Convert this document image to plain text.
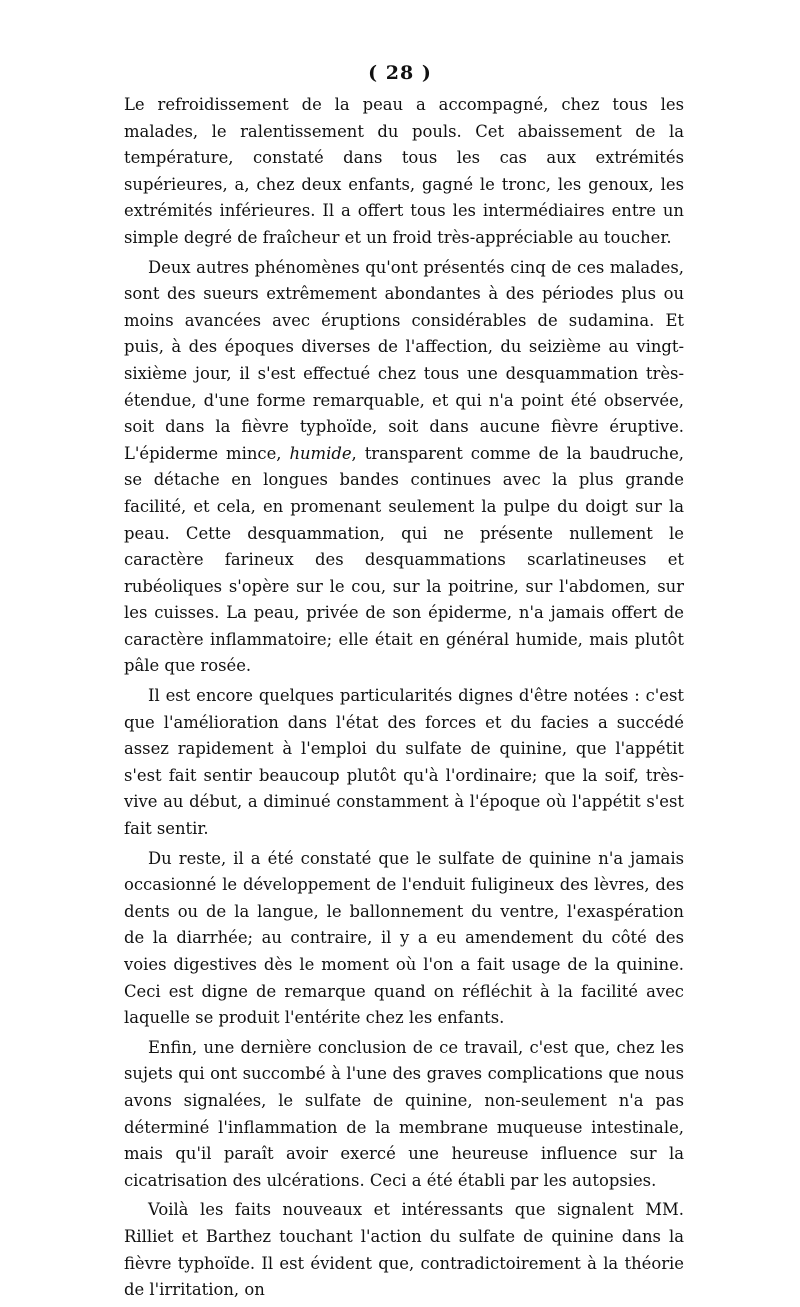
( 28 )

Le refroidissement de la peau a accompagné, chez tous les malades, le ralentissement du pouls. Cet abaissement de la température, constaté dans tous les cas aux extrémités supérieures, a, chez deux enfants, gagné le tronc, les genoux, les extrémités inférieures. Il a offert tous les intermédiaires entre un simple degré de fraîcheur et un froid très-appréciable au toucher.

Deux autres phénomènes qu'ont présentés cinq de ces malades, sont des sueurs extrêmement abondantes à des périodes plus ou moins avancées avec éruptions considérables de sudamina. Et puis, à des époques diverses de l'affection, du seizième au vingt-sixième jour, il s'est effectué chez tous une desquammation très-étendue, d'une forme remarquable, et qui n'a point été observée, soit dans la fièvre typhoïde, soit dans aucune fièvre éruptive. L'épiderme mince, humide, transparent comme de la baudruche, se détache en longues bandes continues avec la plus grande facilité, et cela, en promenant seulement la pulpe du doigt sur la peau. Cette desquammation, qui ne présente nullement le caractère farineux des desquammations scarlatineuses et rubéoliques s'opère sur le cou, sur la poitrine, sur l'abdomen, sur les cuisses. La peau, privée de son épiderme, n'a jamais offert de caractère inflammatoire; elle était en général humide, mais plutôt pâle que rosée.

Il est encore quelques particularités dignes d'être notées : c'est que l'amélioration dans l'état des forces et du facies a succédé assez rapidement à l'emploi du sulfate de quinine, que l'appétit s'est fait sentir beaucoup plutôt qu'à l'ordinaire; que la soif, très-vive au début, a diminué constamment à l'époque où l'appétit s'est fait sentir.

Du reste, il a été constaté que le sulfate de quinine n'a jamais occasionné le développement de l'enduit fuligineux des lèvres, des dents ou de la langue, le ballonnement du ventre, l'exaspération de la diarrhée; au contraire, il y a eu amendement du côté des voies digestives dès le moment où l'on a fait usage de la quinine. Ceci est digne de remarque quand on réfléchit à la facilité avec laquelle se produit l'entérite chez les enfants.

Enfin, une dernière conclusion de ce travail, c'est que, chez les sujets qui ont succombé à l'une des graves complications que nous avons signalées, le sulfate de quinine, non-seulement n'a pas déterminé l'inflammation de la membrane muqueuse intestinale, mais qu'il paraît avoir exercé une heureuse influence sur la cicatrisation des ulcérations. Ceci a été établi par les autopsies.

Voilà les faits nouveaux et intéressants que signalent MM. Rilliet et Barthez touchant l'action du sulfate de quinine dans la fièvre typhoïde. Il est évident que, contradictoirement à la théorie de l'irritation, on
